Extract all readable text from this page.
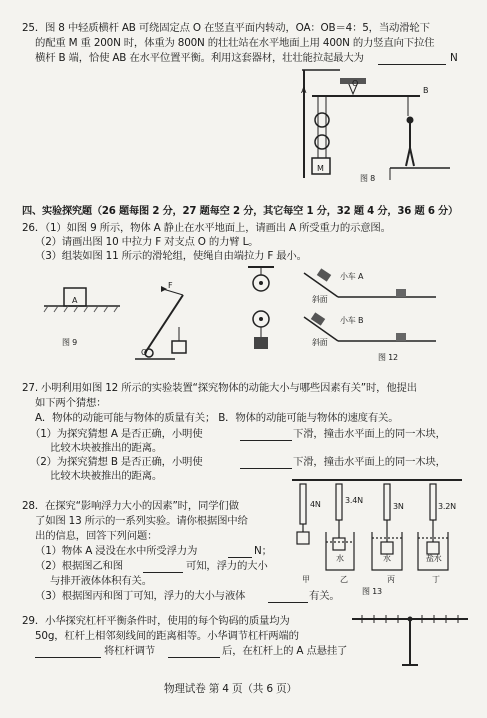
25．图 8 中轻质横杆 AB 可绕固定点 O 在竖直平面内转动，OA：OB＝4：5，当动滑轮下
的配重 M 重 200N 时，体重为 800N 的壮壮站在水平地面上用 400N 的力竖直向下拉住
横杆 B 端，恰使 AB 在水平位置平衡。利用这套器材，壮壮能拉起最大为	N
A
O
B
M
图 8
四、实验探究题（26 题每图 2 分，27 题每空 2 分，其它每空 1 分，32 题 4 分，36 题 6 分）
26．（1）如图 9 所示，物体 A 静止在水平地面上，请画出 A 所受重力的示意图。
（2）请画出图 10 中拉力 F 对支点 O 的力臂 L。
（3）组装如图 11 所示的滑轮组，使绳自由端拉力 F 最小。
A
图 9
F
O
小车 A
斜面
小车 B
斜面
图 12
27. 小明利用如图 12 所示的实验装置“探究物体的动能大小与哪些因素有关”时，他提出
如下两个猜想：
A．物体的动能可能与物体的质量有关； B．物体的动能可能与物体的速度有关。
（1）为探究猜想 A 是否正确，小明使	下滑，撞击水平面上的同一木块，
比较木块被推出的距离。
（2）为探究猜想 B 是否正确，小明使	下滑，撞击水平面上的同一木块，
比较木块被推出的距离。
28．在探究“影响浮力大小的因素”时，同学们做
了如图 13 所示的一系列实验。请你根据图中给
出的信息，回答下列问题：
（1）物体 A 浸没在水中所受浮力为	N；
（2）根据图乙和图	可知，浮力的大小
与排开液体体积有关。
（3）根据图丙和图丁可知，浮力的大小与液体	有关。
4N	3.4N
3N	3.2N
水	水	盐水
甲	乙	丙	丁
图 13
29．小华探究杠杆平衡条件时，使用的每个钩码的质量均为
50g，杠杆上相邻刻线间的距离相等。小华调节杠杆两端的
将杠杆调节	后，在杠杆上的 A 点悬挂了
物理试卷 第 4 页（共 6 页）
